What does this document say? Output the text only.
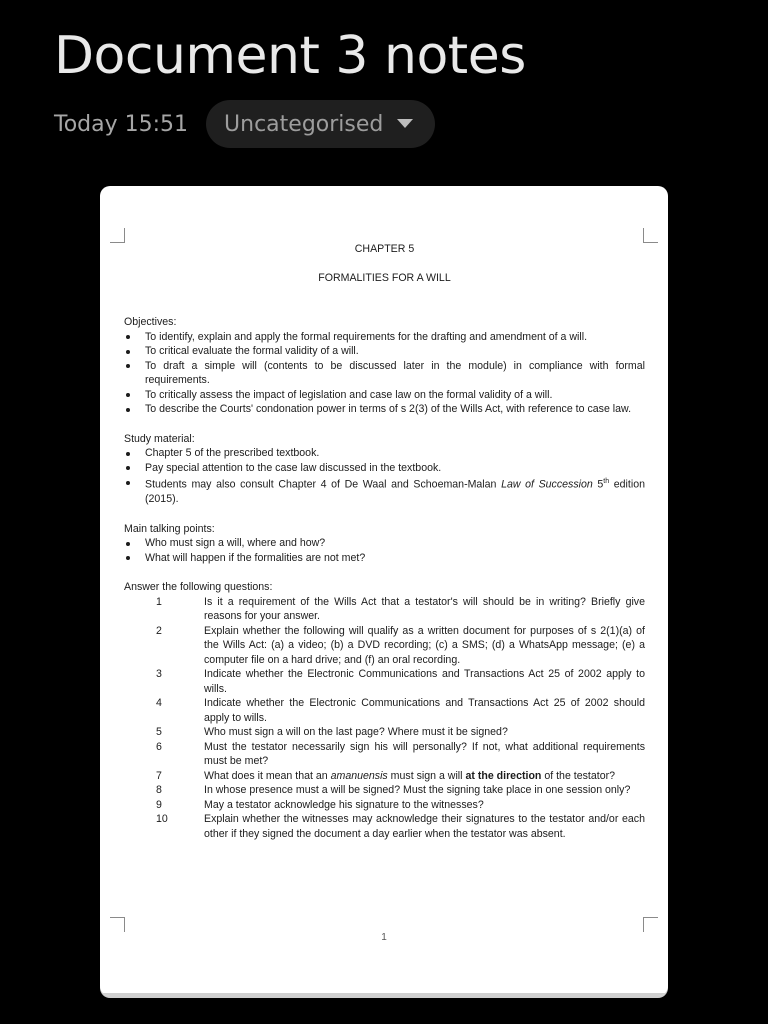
Document 3 notes
Today 15:51 Uncategorised

CHAPTER 5

FORMALITIES FOR A WILL

Objectives:

To identify, explain and apply the formal requirements for the drafting and amendment of a will.
To critical evaluate the formal validity of a will.
To draft a simple will (contents to be discussed later in the module) in compliance with formal requirements.
To critically assess the impact of legislation and case law on the formal validity of a will.
To describe the Courts' condonation power in terms of s 2(3) of the Wills Act, with reference to case law.

Study material:

Chapter 5 of the prescribed textbook.
Pay special attention to the case law discussed in the textbook.
Students may also consult Chapter 4 of De Waal and Schoeman-Malan Law of Succession 5th edition (2015).

Main talking points:

Who must sign a will, where and how?
What will happen if the formalities are not met?

Answer the following questions:

1	Is it a requirement of the Wills Act that a testator's will should be in writing? Briefly give reasons for your answer.
2	Explain whether the following will qualify as a written document for purposes of s 2(1)(a) of the Wills Act: (a) a video; (b) a DVD recording; (c) a SMS; (d) a WhatsApp message; (e) a computer file on a hard drive; and (f) an oral recording.
3	Indicate whether the Electronic Communications and Transactions Act 25 of 2002 apply to wills.
4	Indicate whether the Electronic Communications and Transactions Act 25 of 2002 should apply to wills.
5	Who must sign a will on the last page? Where must it be signed?
6	Must the testator necessarily sign his will personally? If not, what additional requirements must be met?
7	What does it mean that an amanuensis must sign a will at the direction of the testator?
8	In whose presence must a will be signed? Must the signing take place in one session only?
9	May a testator acknowledge his signature to the witnesses?
10	Explain whether the witnesses may acknowledge their signatures to the testator and/or each other if they signed the document a day earlier when the testator was absent.
1
